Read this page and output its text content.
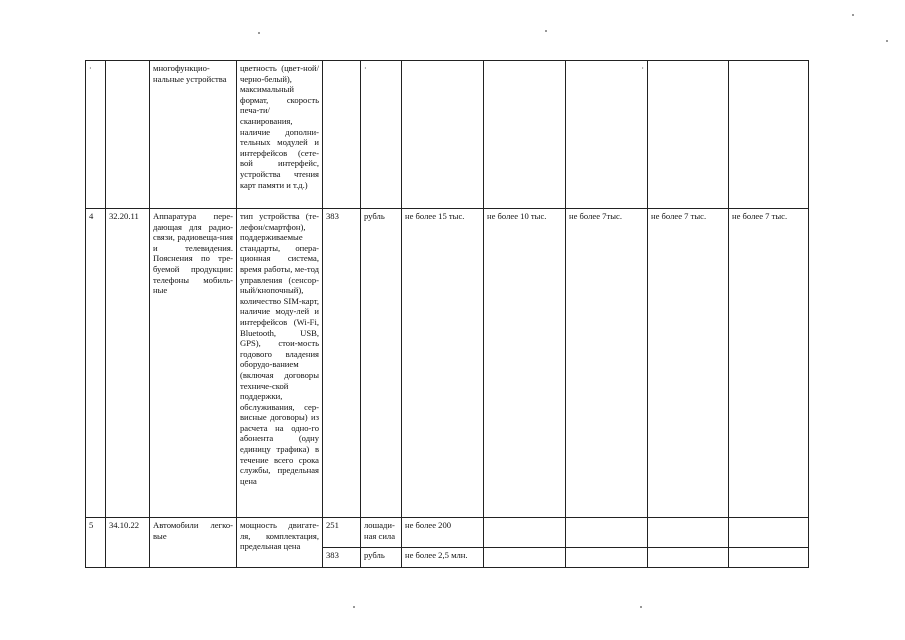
·		многофункцио-нальные устройства	цветность (цвет-ной/черно-белый), максимальный формат, скорость печа-ти/сканирования, наличие дополни-тельных модулей и интерфейсов (сете-вой интерфейс, устройства чтения карт памяти и т.д.)		·			·		
4	32.20.11	Аппаратура пере-дающая для радио-связи, радиовеща-ния и телевидения. Пояснения по тре-буемой продукции: телефоны мобиль-ные	тип устройства (те-лефон/смартфон), поддерживаемые стандарты, опера-ционная система, время работы, ме-тод управления (сенсор-ный/кнопочный), количество SIM-карт, наличие моду-лей и интерфейсов (Wi-Fi, Bluetooth, USB, GPS), стои-мость годового владения оборудо-ванием (включая договоры техниче-ской поддержки, обслуживания, сер-висные договоры) из расчета на одно-го абонента (одну единицу трафика) в течение всего срока службы, предельная цена	383	рубль	не более 15 тыс.	не более 10 тыс.	не более 7тыс.	не более 7 тыс.	не более 7 тыс.
5	34.10.22	Автомобили легко-вые	мощность двигате-ля, комплектация, предельная цена	251	лошади-ная сила	не более 200				
				383	рубль	не более 2,5 млн.				
